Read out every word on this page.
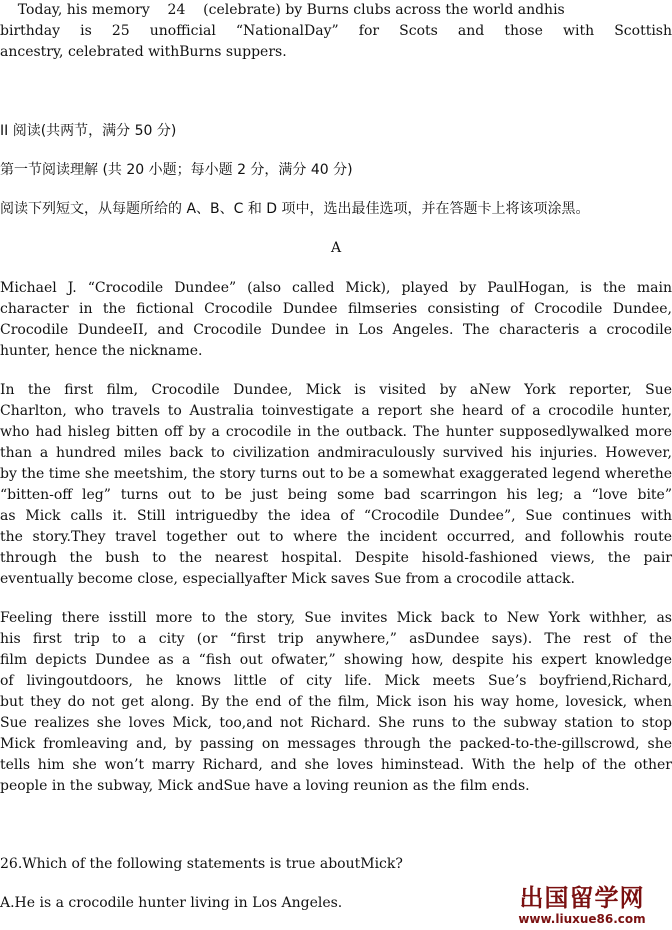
Today, his memory    24    (celebrate) by Burns clubs across the world andhis
birthday is 25 unofficial “NationalDay” for Scots and those with Scottish
ancestry, celebrated withBurns suppers.
II 阅读(共两节，满分 50 分)
第一节阅读理解 (共 20 小题；每小题 2 分，满分 40 分)
阅读下列短文，从每题所给的 A、B、C 和 D 项中，选出最佳选项，并在答题卡上将该项涂黑。
A
Michael J. “Crocodile Dundee” (also called Mick), played by PaulHogan, is the main
character in the fictional Crocodile Dundee filmseries consisting of Crocodile Dundee,
Crocodile DundeeII, and Crocodile Dundee in Los Angeles. The characteris a crocodile
hunter, hence the nickname.
In the first film, Crocodile Dundee, Mick is visited by aNew York reporter, Sue
Charlton, who travels to Australia toinvestigate a report she heard of a crocodile hunter,
who had hisleg bitten off by a crocodile in the outback. The hunter supposedlywalked more
than a hundred miles back to civilization andmiraculously survived his injuries. However,
by the time she meetshim, the story turns out to be a somewhat exaggerated legend wherethe
“bitten-off leg” turns out to be just being some bad scarringon his leg; a “love bite”
as Mick calls it. Still intriguedby the idea of “Crocodile Dundee”, Sue continues with
the story.They travel together out to where the incident occurred, and followhis route
through the bush to the nearest hospital. Despite hisold-fashioned views, the pair
eventually become close, especiallyafter Mick saves Sue from a crocodile attack.
Feeling there isstill more to the story, Sue invites Mick back to New York withher, as
his first trip to a city (or “first trip anywhere,” asDundee says). The rest of the
film depicts Dundee as a “fish out ofwater,” showing how, despite his expert knowledge
of livingoutdoors, he knows little of city life. Mick meets Sue’s boyfriend,Richard,
but they do not get along. By the end of the film, Mick ison his way home, lovesick, when
Sue realizes she loves Mick, too,and not Richard. She runs to the subway station to stop
Mick fromleaving and, by passing on messages through the packed-to-the-gillscrowd, she
tells him she won’t marry Richard, and she loves himinstead. With the help of the other
people in the subway, Mick andSue have a loving reunion as the film ends.
26.Which of the following statements is true aboutMick?
A.He is a crocodile hunter living in Los Angeles.	出国留学网
www.liuxue86.com
